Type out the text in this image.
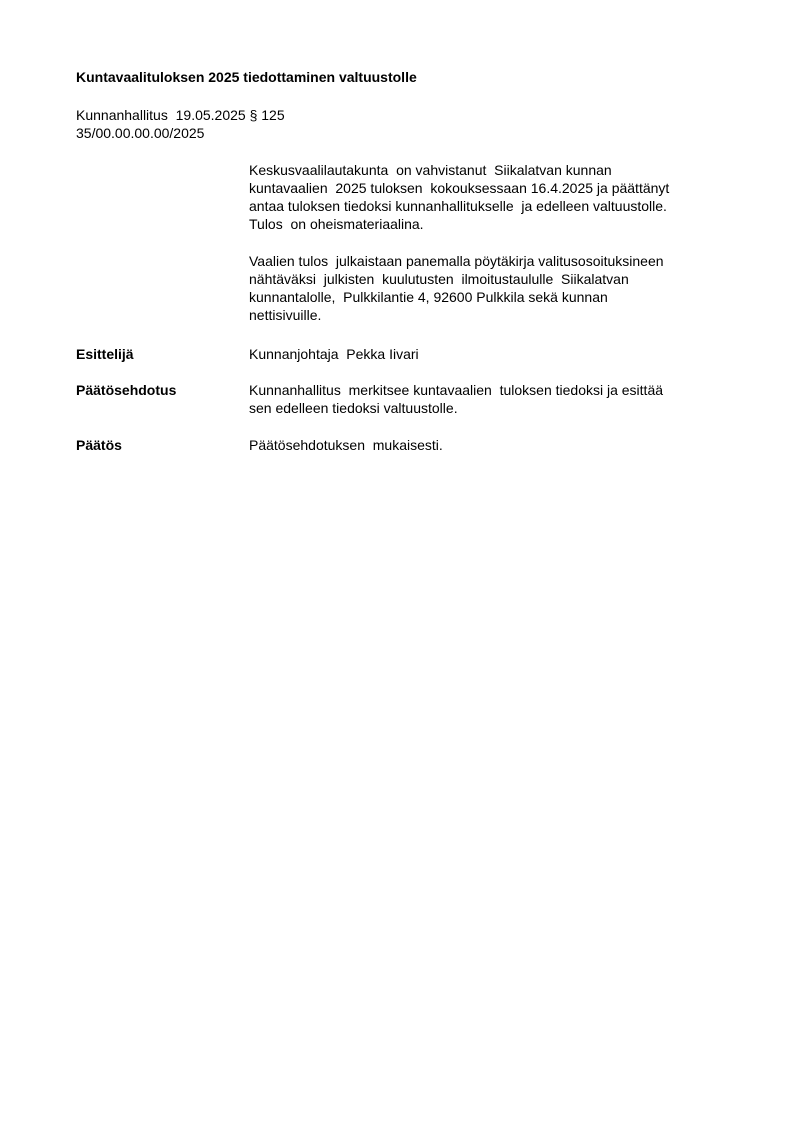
Kuntavaalituloksen 2025 tiedottaminen valtuustolle
Kunnanhallitus  19.05.2025 § 125
35/00.00.00.00/2025
Keskusvaalilautakunta  on vahvistanut  Siikalatvan kunnan
kuntavaalien  2025 tuloksen  kokouksessaan 16.4.2025 ja päättänyt
antaa tuloksen tiedoksi kunnanhallitukselle  ja edelleen valtuustolle.
Tulos  on oheismateriaalina.
Vaalien tulos  julkaistaan panemalla pöytäkirja valitusosoituksineen
nähtäväksi  julkisten  kuulutusten  ilmoitustaululle  Siikalatvan
kunnantalolle,  Pulkkilantie 4, 92600 Pulkkila sekä kunnan
nettisivuille.
Esittelijä	Kunnanjohtaja  Pekka Iivari
Päätösehdotus	Kunnanhallitus  merkitsee kuntavaalien  tuloksen tiedoksi ja esittää
sen edelleen tiedoksi valtuustolle.
Päätös	Päätösehdotuksen  mukaisesti.
